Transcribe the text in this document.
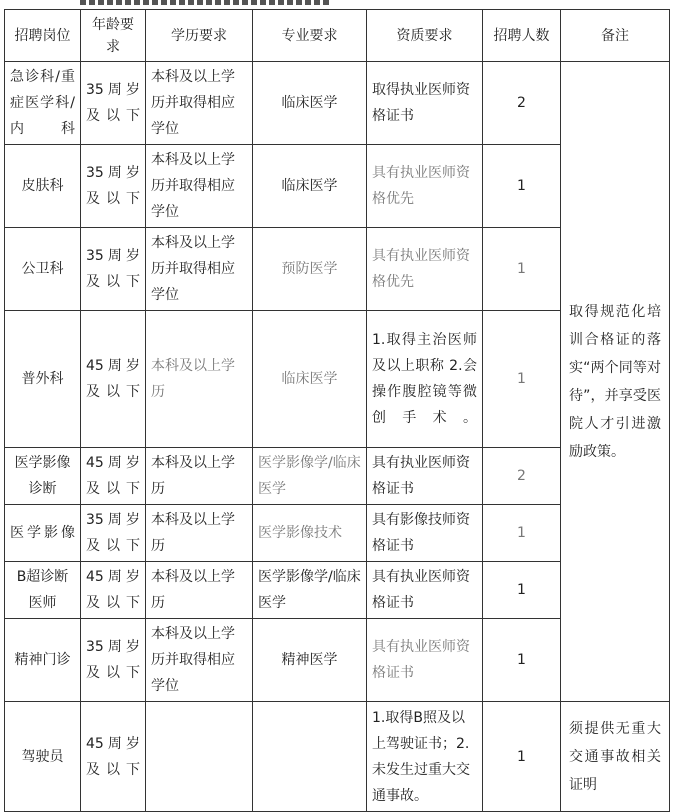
招聘岗位	年龄要求	学历要求	专业要求	资质要求	招聘人数	备注
急诊科/重症医学科/内科	35周岁及以下	本科及以上学历并取得相应学位	临床医学	取得执业医师资格证书	2	取得规范化培训合格证的落实“两个同等对待”，并享受医院人才引进激励政策。
皮肤科	35周岁及以下	本科及以上学历并取得相应学位	临床医学	具有执业医师资格优先	1	
公卫科	35周岁及以下	本科及以上学历并取得相应学位	预防医学	具有执业医师资格优先	1	
普外科	45周岁及以下	本科及以上学历	临床医学	1.取得主治医师及以上职称 2.会操作腹腔镜等微创手术。	1	
医学影像诊断	45周岁及以下	本科及以上学历	医学影像学/临床医学	具有执业医师资格证书	2	
医学影像	35周岁及以下	本科及以上学历	医学影像技术	具有影像技师资格证书	1	
B超诊断医师	45周岁及以下	本科及以上学历	医学影像学/临床医学	具有执业医师资格证书	1	
精神门诊	35周岁及以下	本科及以上学历并取得相应学位	精神医学	具有执业医师资格证书	1	
驾驶员	45周岁及以下			1.取得B照及以上驾驶证书；2.未发生过重大交通事故。	1	须提供无重大交通事故相关证明
